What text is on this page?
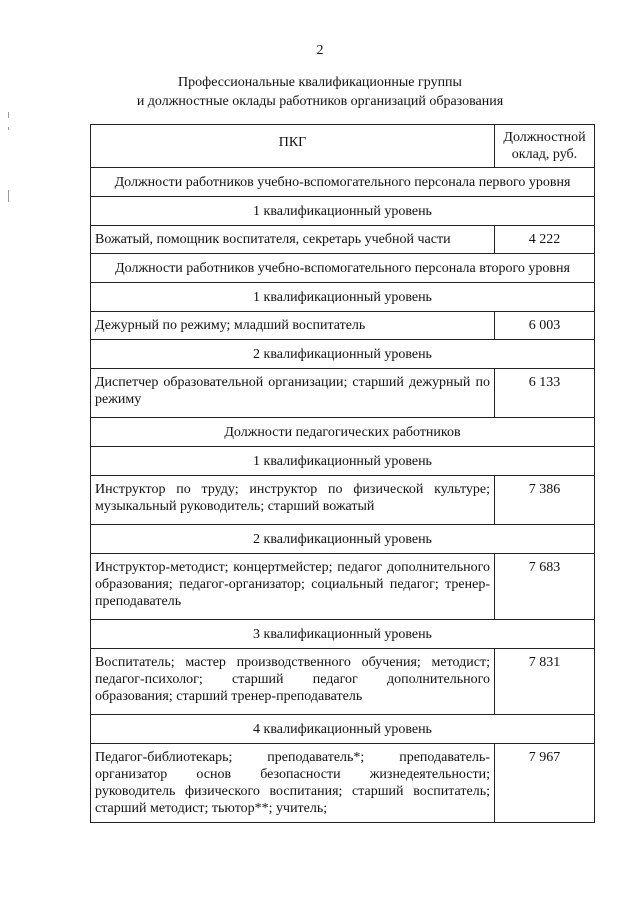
2
Профессиональные квалификационные группы
и должностные оклады работников организаций образования
ПКГ	Должностной
оклад, руб.

Должности работников учебно-вспомогательного персонала первого уровня	
1 квалификационный уровень	
Вожатый, помощник воспитателя, секретарь учебной части	4 222
Должности работников учебно-вспомогательного персонала второго уровня	
1 квалификационный уровень	
Дежурный по режиму; младший воспитатель	6 003
2 квалификационный уровень	
Диспетчер образовательной организации; старший дежурный по режиму	6 133
Должности педагогических работников	
1 квалификационный уровень	
Инструктор по труду; инструктор по физической культуре; музыкальный руководитель; старший вожатый	7 386
2 квалификационный уровень	
Инструктор-методист; концертмейстер; педагог дополнительного образования; педагог-организатор; социальный педагог; тренер-преподаватель	7 683
3 квалификационный уровень	
Воспитатель; мастер производственного обучения; методист; педагог-психолог; старший педагог дополнительного образования; старший тренер-преподаватель	7 831
4 квалификационный уровень	
Педагог-библиотекарь; преподаватель*; преподаватель-организатор основ безопасности жизнедеятельности; руководитель физического воспитания; старший воспитатель; старший методист; тьютор**; учитель;	7 967
